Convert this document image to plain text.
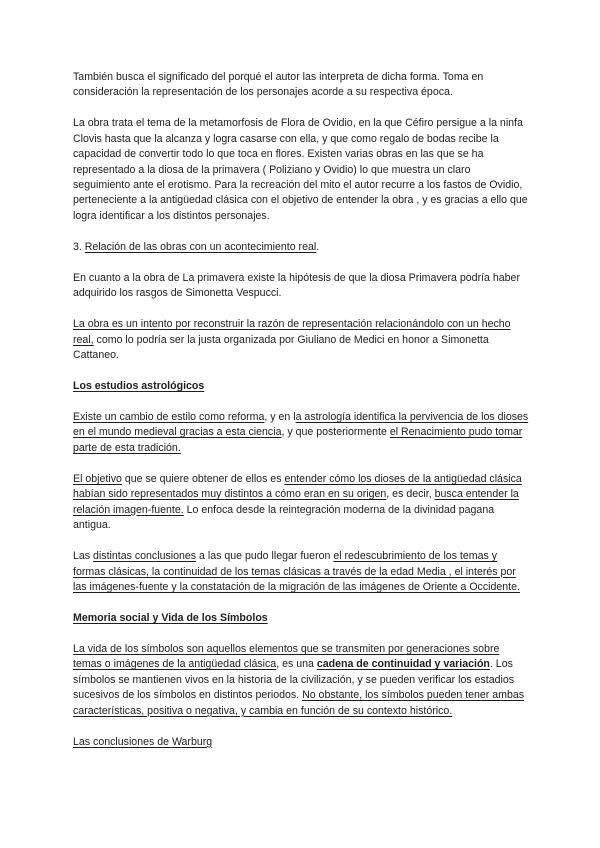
También busca el significado del porqué el autor las interpreta de dicha forma. Toma en consideración la representación de los personajes acorde a su respectiva época.

La obra trata el tema de la metamorfosis de Flora de Ovidio, en la que Céfiro persigue a la ninfa Clovis hasta que la alcanza y logra casarse con ella, y que como regalo de bodas recibe la capacidad de convertir todo lo que toca en flores. Existen varias obras en las que se ha representado a la diosa de la primavera ( Poliziano y Ovidio) lo que muestra un claro seguimiento ante el erotismo. Para la recreación del mito el autor recurre a los fastos de Ovidio, perteneciente a la antigüedad clásica con el objetivo de entender la obra , y es gracias a ello que logra identificar a los distintos personajes.

3. Relación de las obras con un acontecimiento real.

En cuanto a la obra de La primavera existe la hipótesis de que la diosa Primavera podría haber adquirido los rasgos de Simonetta Vespucci.

La obra es un intento por reconstruir la razón de representación relacionándolo con un hecho real, como lo podría ser la justa organizada por Giuliano de Medici en honor a Simonetta Cattaneo.

Los estudios astrológicos

Existe un cambio de estilo como reforma, y en la astrología identifica la pervivencia de los dioses en el mundo medieval gracias a esta ciencia, y que posteriormente el Renacimiento pudo tomar parte de esta tradición.

El objetivo que se quiere obtener de ellos es entender cómo los dioses de la antigüedad clásica habían sido representados muy distintos a cómo eran en su origen, es decir, busca entender la relación imagen-fuente. Lo enfoca desde la reintegración moderna de la divinidad pagana antigua.

Las distintas conclusiones a las que pudo llegar fueron el redescubrimiento de los temas y formas clásicas, la continuidad de los temas clásicas a través de la edad Media , el interés por las imágenes-fuente y la constatación de la migración de las imágenes de Oriente a Occidente.

Memoria social y Vida de los Símbolos

La vida de los símbolos son aquellos elementos que se transmiten por generaciones sobre temas o imágenes de la antigüedad clásica, es una cadena de continuidad y variación. Los símbolos se mantienen vivos en la historia de la civilización, y se pueden verificar los estadios sucesivos de los símbolos en distintos periodos. No obstante, los símbolos pueden tener ambas características, positiva o negativa, y cambia en función de su contexto histórico.

Las conclusiones de Warburg
